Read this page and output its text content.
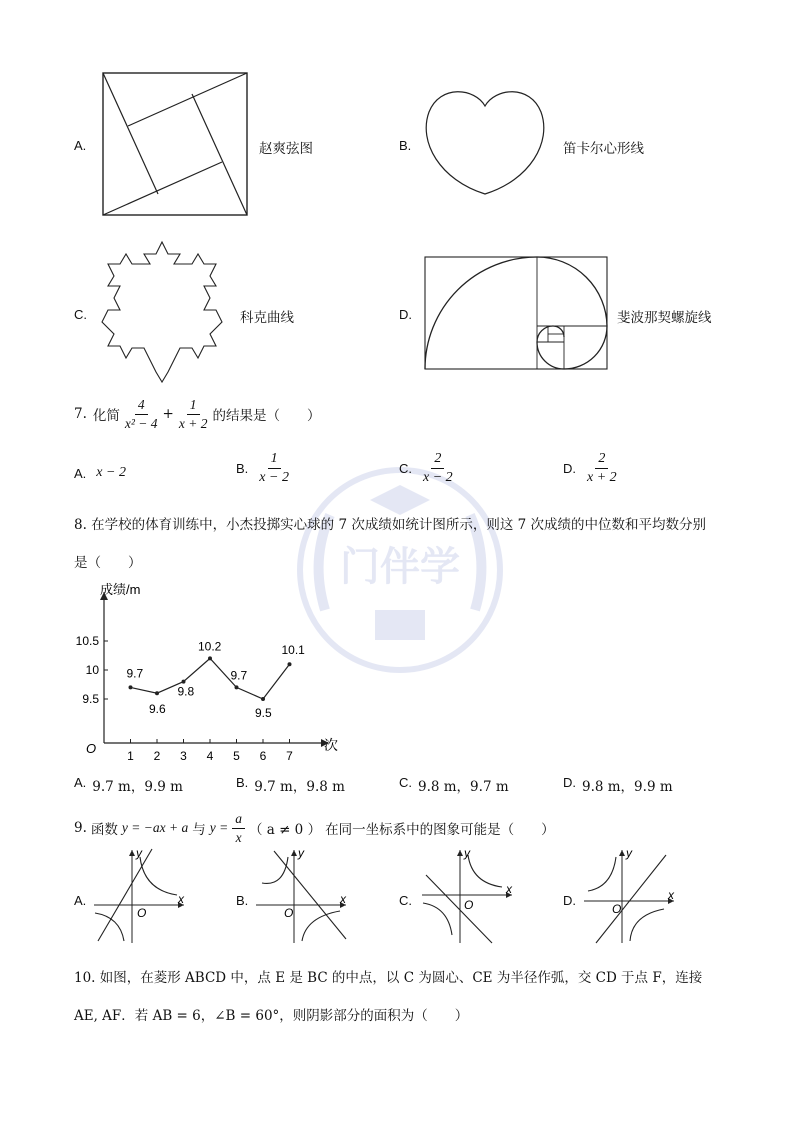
门伴学
A.	赵爽弦图	B.	笛卡尔心形线
C.	科克曲线	D.	斐波那契螺旋线
7. 化简 $\frac{4}{\text{x² − 4}} + \frac{1}{x + 2}$ 的结果是（　　）
A. x − 2	B. $\frac{1}{x - 2}$	C. $\frac{2}{x - 2}$	D. $\frac{2}{x + 2}$
8. 在学校的体育训练中，小杰投掷实心球的 7 次成绩如统计图所示，则这 7 次成绩的中位数和平均数分别
是（　　）
成绩/m
次
O	1 2 3 4 5 6 7
9.5
10
10.5
9.7
9.6
9.8
10.2
9.7
9.5
10.1
A. 9.7 m，9.9 m	B. 9.7 m，9.8 m	C. 9.8 m，9.7 m	D. 9.8 m，9.9 m
9. 函数 y = −ax + a 与 $y = \frac{a}{x}$ （ a ≠ 0 ） 在同一坐标系中的图象可能是（　　）
A.
O
x
y
B.
O
x
y
C.	O
x
y
D.
O
x
y
10. 如图，在菱形 ABCD 中，点 E 是 BC 的中点，以 C 为圆心、CE 为半径作弧，交 CD 于点 F，连接
AE, AF．若 AB = 6，∠B = 60°，则阴影部分的面积为（　　）
